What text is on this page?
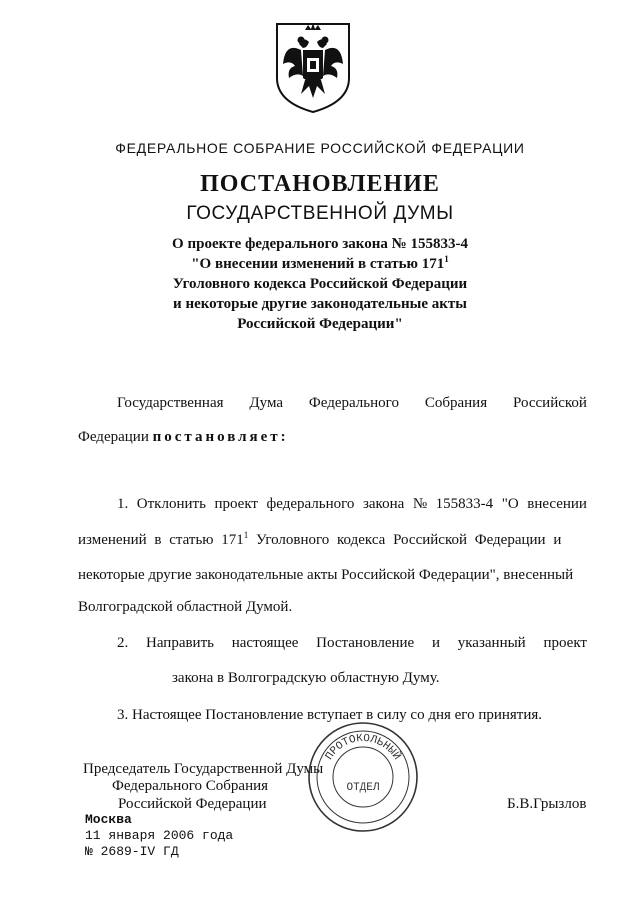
ФЕДЕРАЛЬНОЕ СОБРАНИЕ РОССИЙСКОЙ ФЕДЕРАЦИИ
ПОСТАНОВЛЕНИЕ
ГОСУДАРСТВЕННОЙ ДУМЫ
О проекте федерального закона № 155833-4
"О внесении изменений в статью $171^1$
Уголовного кодекса Российской Федерации
и некоторые другие законодательные акты
Российской Федерации"
Государственная Дума Федерального Собрания Российской
Федерации постановляет:
1. Отклонить проект федерального закона № 155833-4 "О внесении
изменений в статью $171^1$ Уголовного кодекса Российской Федерации и
некоторые другие законодательные акты Российской Федерации", внесенный
Волгоградской областной Думой.
2. Направить настоящее Постановление и указанный проект
закона в Волгоградскую областную Думу.
3. Настоящее Постановление вступает в силу со дня его принятия.
Председатель Государственной Думы
Федерального Собрания
Российской Федерации	Б.В.Грызлов
ПРОТОКОЛЬНЫЙ
ОТДЕЛ
Москва
11 января 2006 года
№ 2689-IV ГД
